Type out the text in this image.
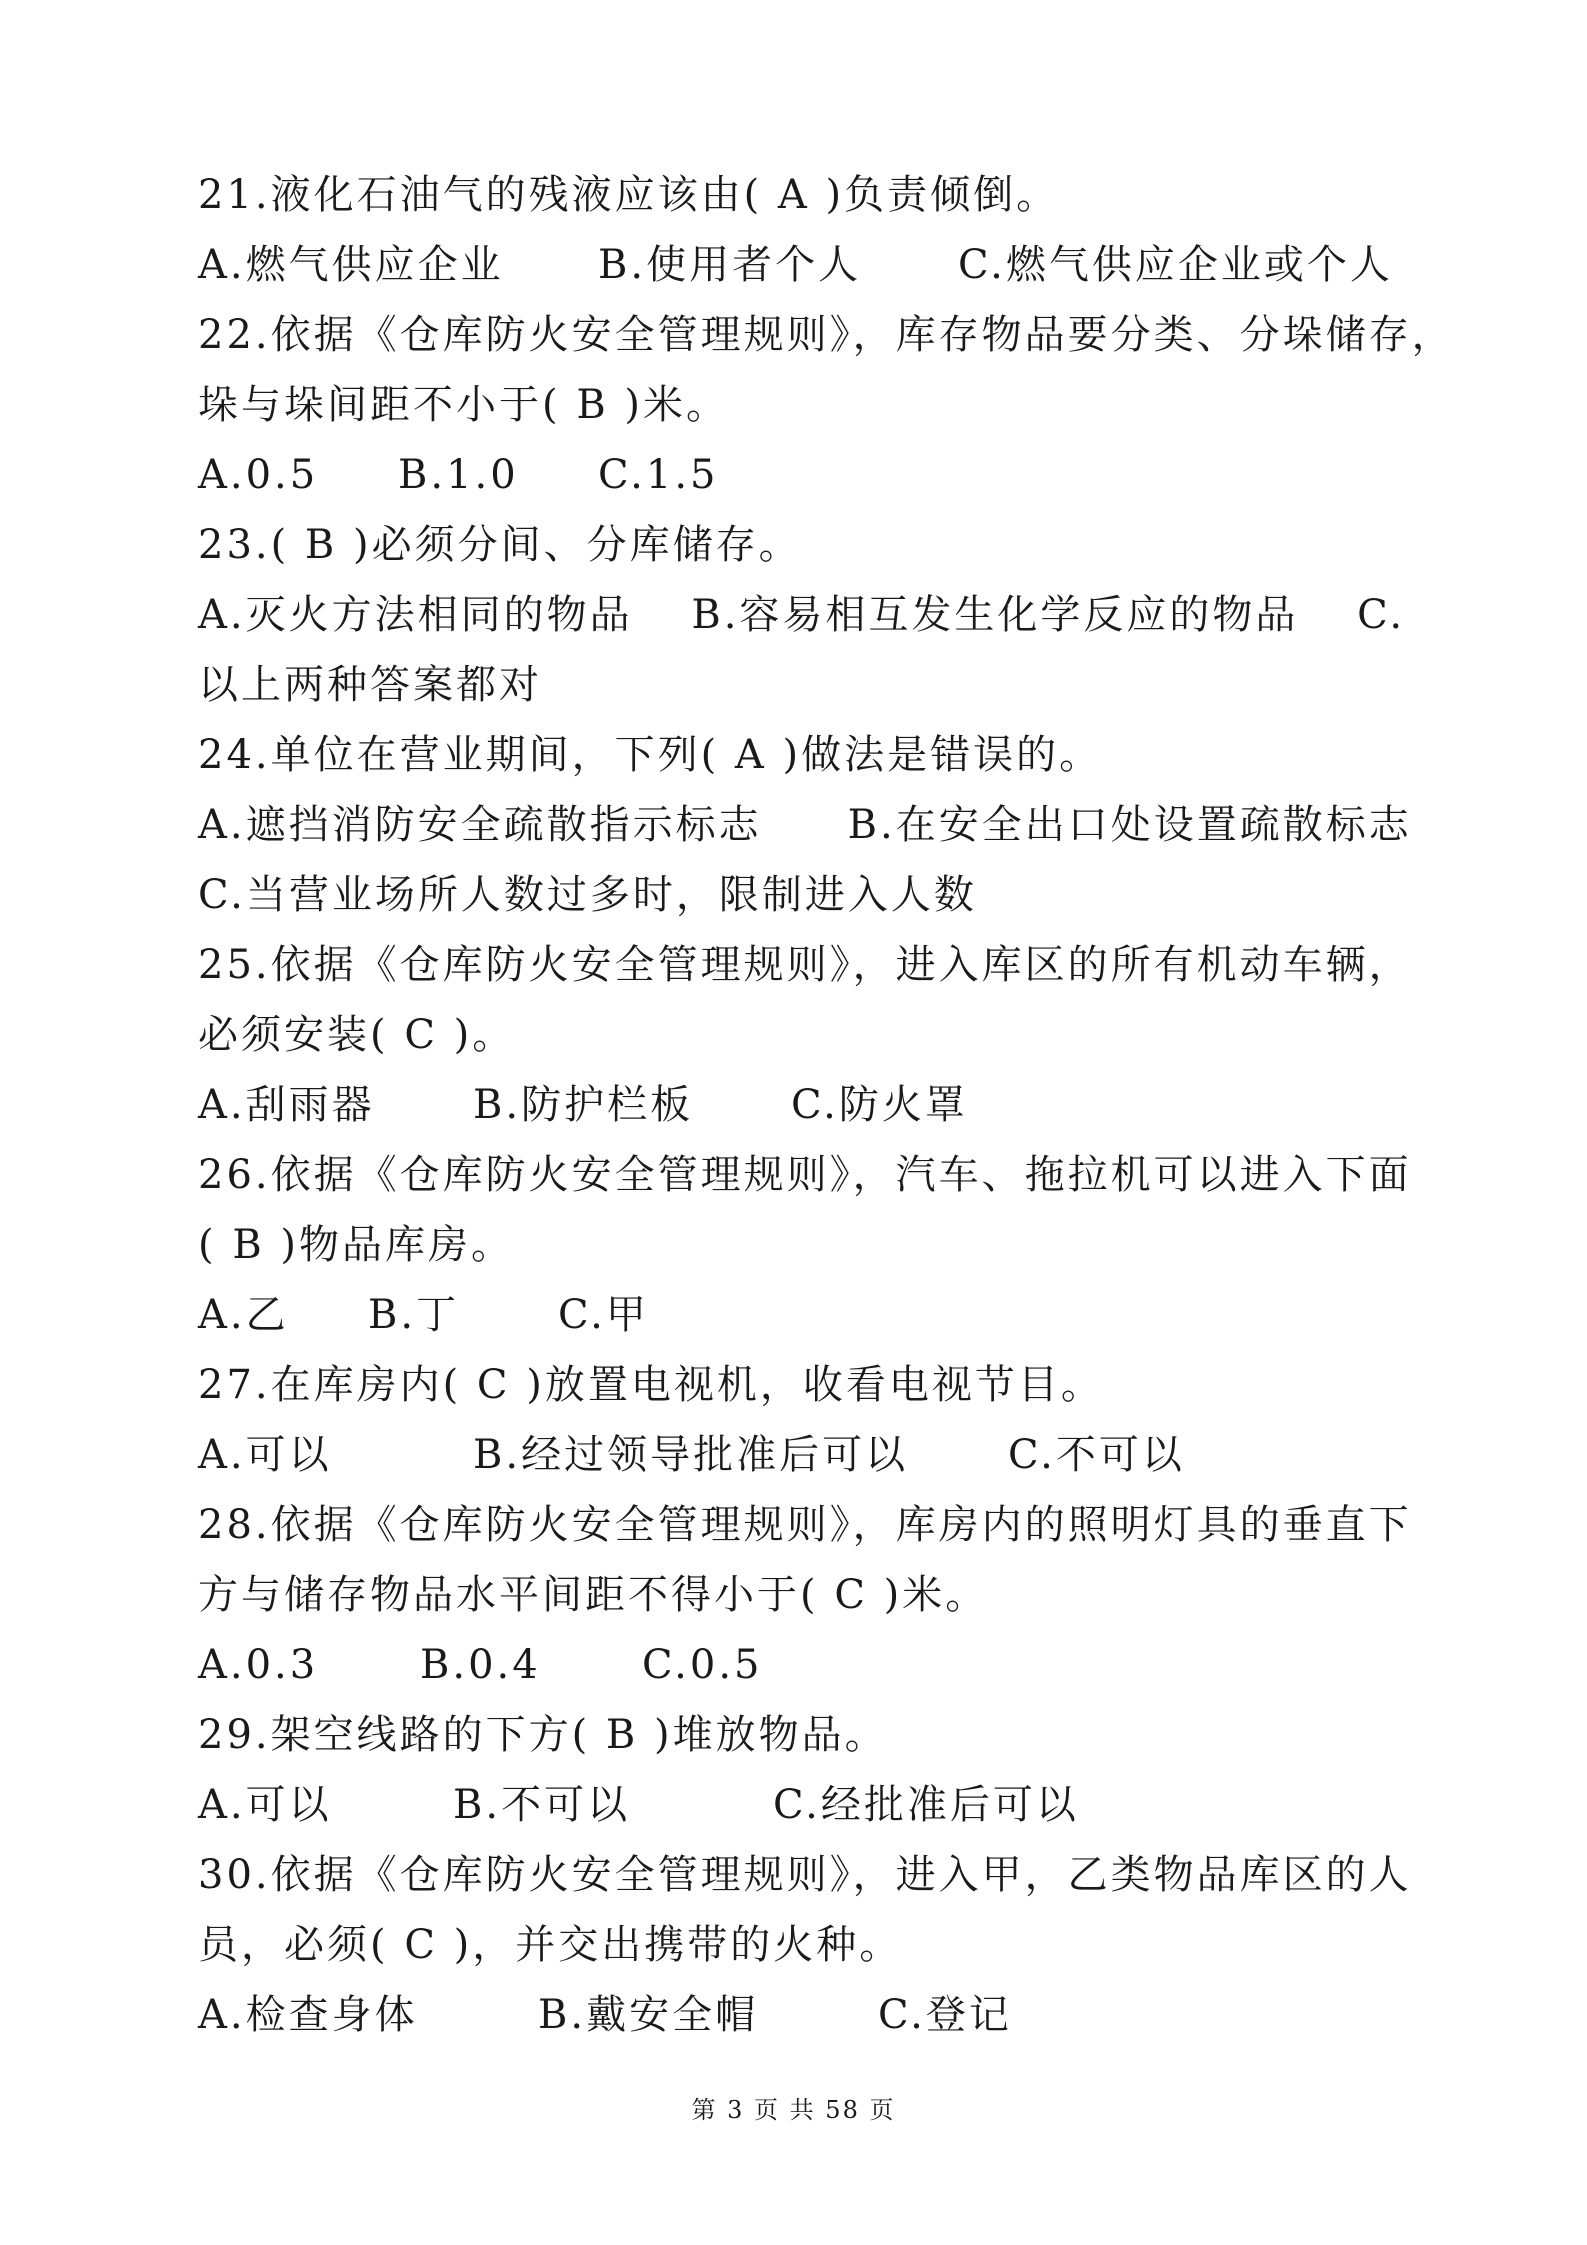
21.液化石油气的残液应该由( A )负责倾倒。
A.燃气供应企业	B.使用者个人	C.燃气供应企业或个人
22.依据《仓库防火安全管理规则》，库存物品要分类、分垛储存，
垛与垛间距不小于( B )米。
A.0.5	B.1.0	C.1.5
23.( B )必须分间、分库储存。
A.灭火方法相同的物品　 B.容易相互发生化学反应的物品　 C.
以上两种答案都对
24.单位在营业期间，下列( A )做法是错误的。
A.遮挡消防安全疏散指示标志　　B.在安全出口处设置疏散标志
C.当营业场所人数过多时，限制进入人数
25.依据《仓库防火安全管理规则》，进入库区的所有机动车辆，
必须安装( C )。
A.刮雨器	B.防护栏板	C.防火罩
26.依据《仓库防火安全管理规则》，汽车、拖拉机可以进入下面
( B )物品库房。
A.乙	B.丁	C.甲
27.在库房内( C )放置电视机，收看电视节目。
A.可以	B.经过领导批准后可以	C.不可以
28.依据《仓库防火安全管理规则》，库房内的照明灯具的垂直下
方与储存物品水平间距不得小于( C )米。
A.0.3	B.0.4	C.0.5
29.架空线路的下方( B )堆放物品。
A.可以	B.不可以	C.经批准后可以
30.依据《仓库防火安全管理规则》，进入甲，乙类物品库区的人
员，必须( C )，并交出携带的火种。
A.检查身体	B.戴安全帽	C.登记
第 3 页 共 58 页
